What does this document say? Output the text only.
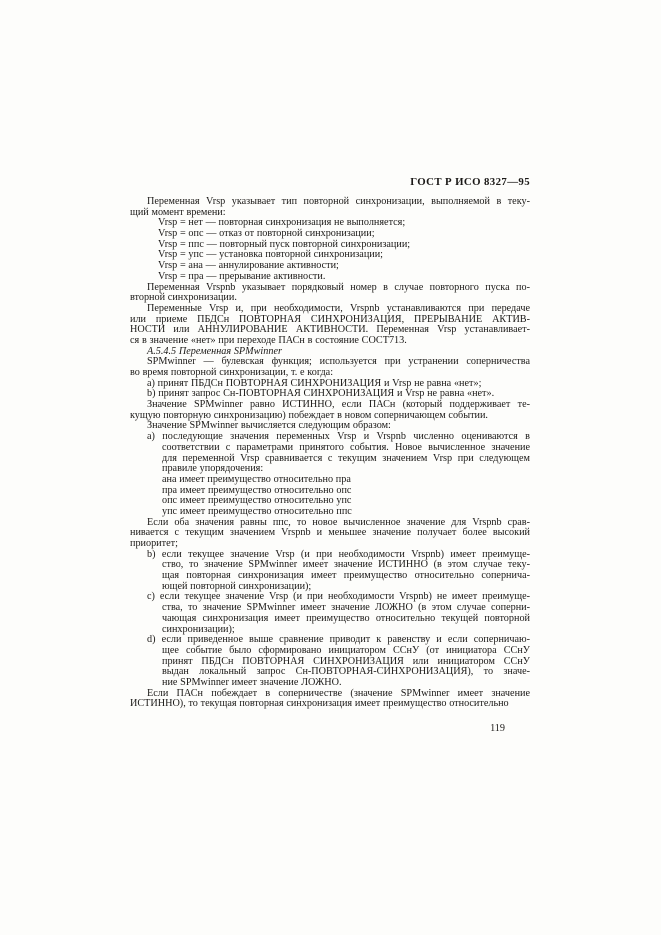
ГОСТ Р ИСО 8327—95
Переменная Vrsp указывает тип повторной синхронизации, выполняемой в теку-
щий момент времени:
Vrsp = нет — повторная синхронизация не выполняется;
Vrsp = опс — отказ от повторной синхронизации;
Vrsp = ппс — повторный пуск повторной синхронизации;
Vrsp = упс — установка повторной синхронизации;
Vrsp = ана — аннулирование активности;
Vrsp = пра — прерывание активности.
Переменная Vrspnb указывает порядковый номер в случае повторного пуска по-
вторной синхронизации.
Переменные Vrsp и, при необходимости, Vrspnb устанавливаются при передаче
или приеме ПБДСн ПОВТОРНАЯ СИНХРОНИЗАЦИЯ, ПРЕРЫВАНИЕ АКТИВ-
НОСТИ или АННУЛИРОВАНИЕ АКТИВНОСТИ. Переменная Vrsp устанавливает-
ся в значение «нет» при переходе ПАСн в состояние СОСТ713.
А.5.4.5 Переменная SPMwinner
SPMwinner — булевская функция; используется при устранении соперничества
во время повторной синхронизации, т. е когда:
a) принят ПБДСн ПОВТОРНАЯ СИНХРОНИЗАЦИЯ и Vrsp не равна «нет»;
b) принят запрос Сн-ПОВТОРНАЯ СИНХРОНИЗАЦИЯ и Vrsp не равна «нет».
Значение SPMwinner равно ИСТИННО, если ПАСн (который поддерживает те-
кущую повторную синхронизацию) побеждает в новом соперничающем событии.
Значение SPMwinner вычисляется следующим образом:
a) последующие значения переменных Vrsp и Vrspnb численно оцениваются в
соответствии с параметрами принятого события. Новое вычисленное значение
для переменной Vrsp сравнивается с текущим значением Vrsp при следующем
правиле упорядочения:
ана имеет преимущество относительно пра
пра имеет преимущество относительно опс
опс имеет преимущество относительно упс
упс имеет преимущество относительно ппс
Если оба значения равны ппс, то новое вычисленное значение для Vrspnb срав-
нивается с текущим значением Vrspnb и меньшее значение получает более высокий
приоритет;
b) если текущее значение Vrsp (и при необходимости Vrspnb) имеет преимуще-
ство, то значение SPMwinner имеет значение ИСТИННО (в этом случае теку-
щая повторная синхронизация имеет преимущество относительно сопернича-
ющей повторной синхронизации);
c) если текущее значение Vrsp (и при необходимости Vrspnb) не имеет преимуще-
ства, то значение SPMwinner имеет значение ЛОЖНО (в этом случае соперни-
чающая синхронизация имеет преимущество относительно текущей повторной
синхронизации);
d) если приведенное выше сравнение приводит к равенству и если соперничаю-
щее событие было сформировано инициатором ССнУ (от инициатора ССнУ
принят ПБДСн ПОВТОРНАЯ СИНХРОНИЗАЦИЯ или инициатором ССнУ
выдан локальный запрос Сн-ПОВТОРНАЯ-СИНХРОНИЗАЦИЯ), то значе-
ние SPMwinner имеет значение ЛОЖНО.
Если ПАСн побеждает в соперничестве (значение SPMwinner имеет значение
ИСТИННО), то текущая повторная синхронизация имеет преимущество относительно
119
